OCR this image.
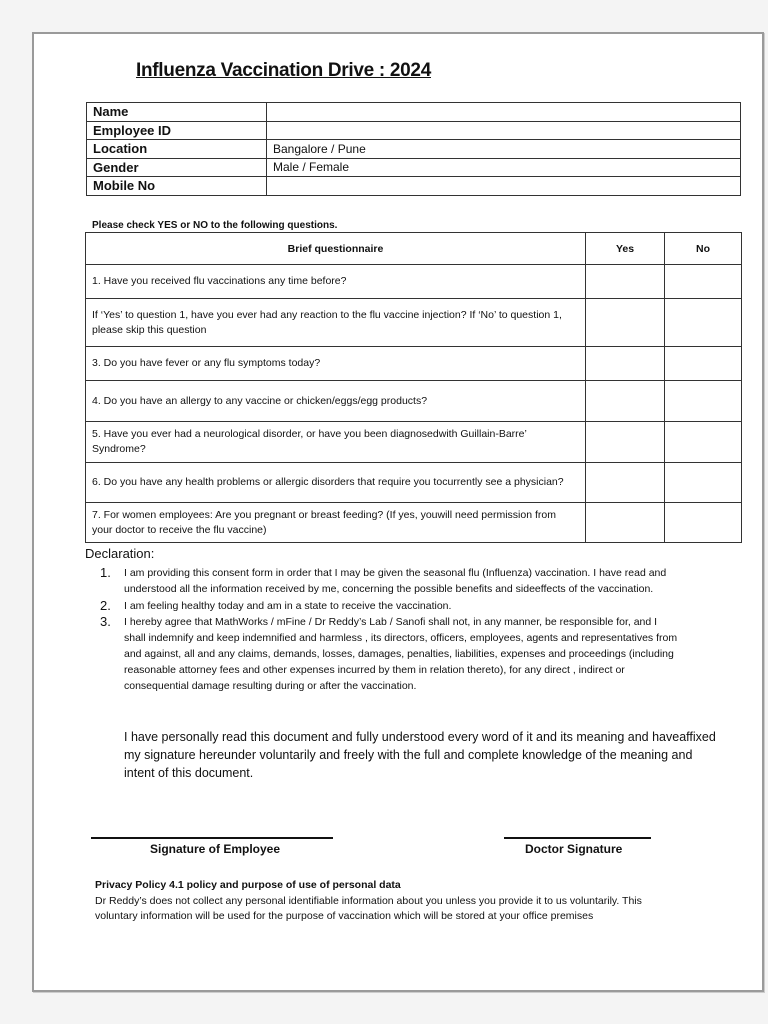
Influenza Vaccination Drive : 2024
Name	
Employee ID	
Location	Bangalore / Pune
Gender	Male / Female
Mobile No	
Please check YES or NO to the following questions.
Brief questionnaire	Yes	No
1. Have you received flu vaccinations any time before?		
If ‘Yes’ to question 1, have you ever had any reaction to the flu vaccine injection? If ‘No’ to question 1, please skip this question		
3. Do you have fever or any flu symptoms today?		
4. Do you have an allergy to any vaccine or chicken/eggs/egg products?		
5. Have you ever had a neurological disorder, or have you been diagnosedwith Guillain-Barre’ Syndrome?		
6. Do you have any health problems or allergic disorders that require you tocurrently see a physician?		
7. For women employees: Are you pregnant or breast feeding? (If yes, youwill need permission from your doctor to receive the flu vaccine)		
Declaration:
1. I am providing this consent form in order that I may be given the seasonal flu (Influenza) vaccination. I have read and understood all the information received by me, concerning the possible benefits and sideeffects of the vaccination.
2. I am feeling healthy today and am in a state to receive the vaccination.
3. I hereby agree that MathWorks / mFine / Dr Reddy’s Lab / Sanofi shall not, in any manner, be responsible for, and I shall indemnify and keep indemnified and harmless , its directors, officers, employees, agents and representatives from and against, all and any claims, demands, losses, damages, penalties, liabilities, expenses and proceedings (including reasonable attorney fees and other expenses incurred by them in relation thereto), for any direct , indirect or consequential damage resulting during or after the vaccination.
I have personally read this document and fully understood every word of it and its meaning and haveaffixed my signature hereunder voluntarily and freely with the full and complete knowledge of the meaning and intent of this document.
Signature of Employee	Doctor Signature
Privacy Policy 4.1 policy and purpose of use of personal data
Dr Reddy’s does not collect any personal identifiable information about you unless you provide it to us voluntarily. This voluntary information will be used for the purpose of vaccination which will be stored at your office premises
